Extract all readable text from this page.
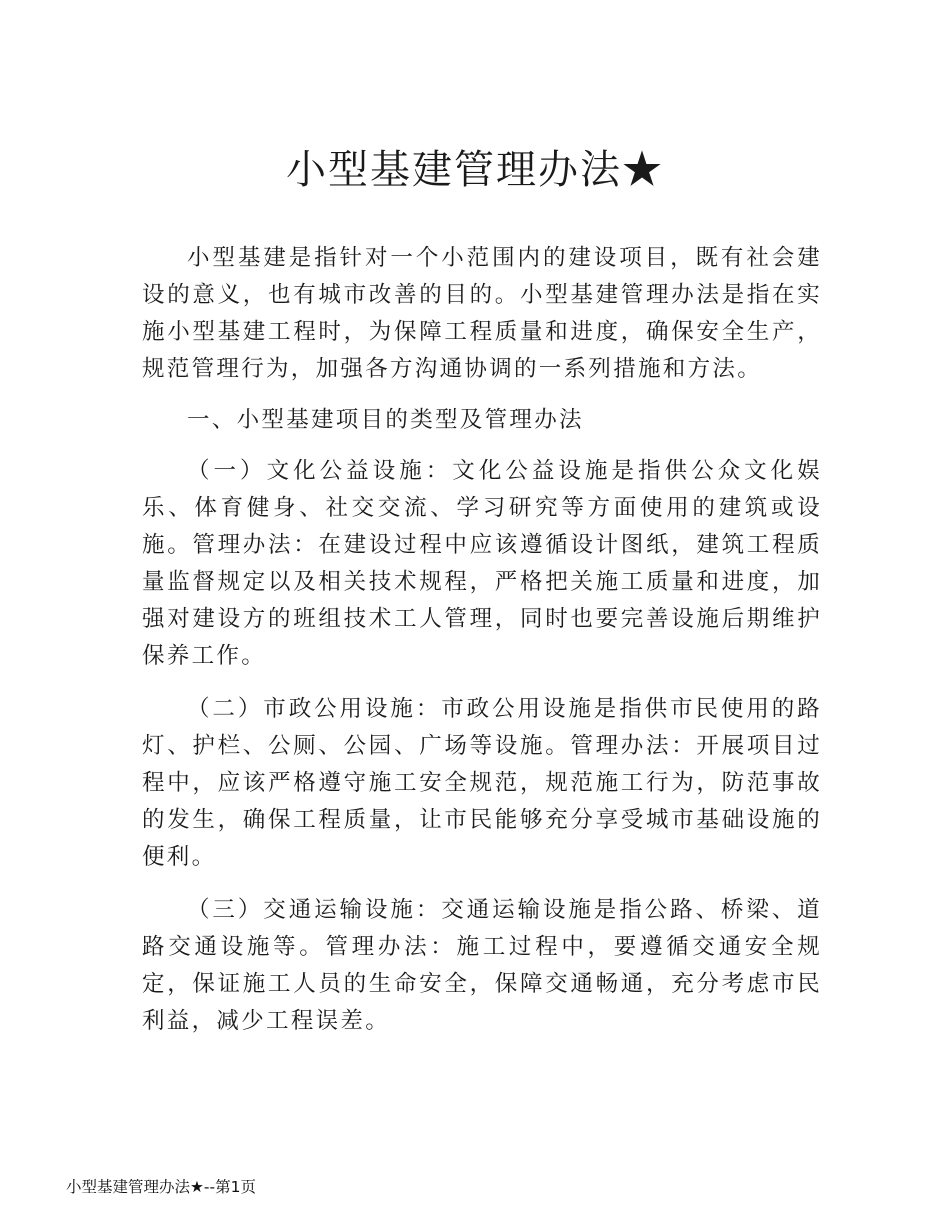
小型基建管理办法★

小型基建是指针对一个小范围内的建设项目，既有社会建设的意义，也有城市改善的目的。小型基建管理办法是指在实施小型基建工程时，为保障工程质量和进度，确保安全生产，规范管理行为，加强各方沟通协调的一系列措施和方法。

一、小型基建项目的类型及管理办法

（一）文化公益设施：文化公益设施是指供公众文化娱乐、体育健身、社交交流、学习研究等方面使用的建筑或设施。管理办法：在建设过程中应该遵循设计图纸，建筑工程质量监督规定以及相关技术规程，严格把关施工质量和进度，加强对建设方的班组技术工人管理，同时也要完善设施后期维护保养工作。

（二）市政公用设施：市政公用设施是指供市民使用的路灯、护栏、公厕、公园、广场等设施。管理办法：开展项目过程中，应该严格遵守施工安全规范，规范施工行为，防范事故的发生，确保工程质量，让市民能够充分享受城市基础设施的便利。

（三）交通运输设施：交通运输设施是指公路、桥梁、道路交通设施等。管理办法：施工过程中，要遵循交通安全规定，保证施工人员的生命安全，保障交通畅通，充分考虑市民利益，减少工程误差。

小型基建管理办法★--第1页
